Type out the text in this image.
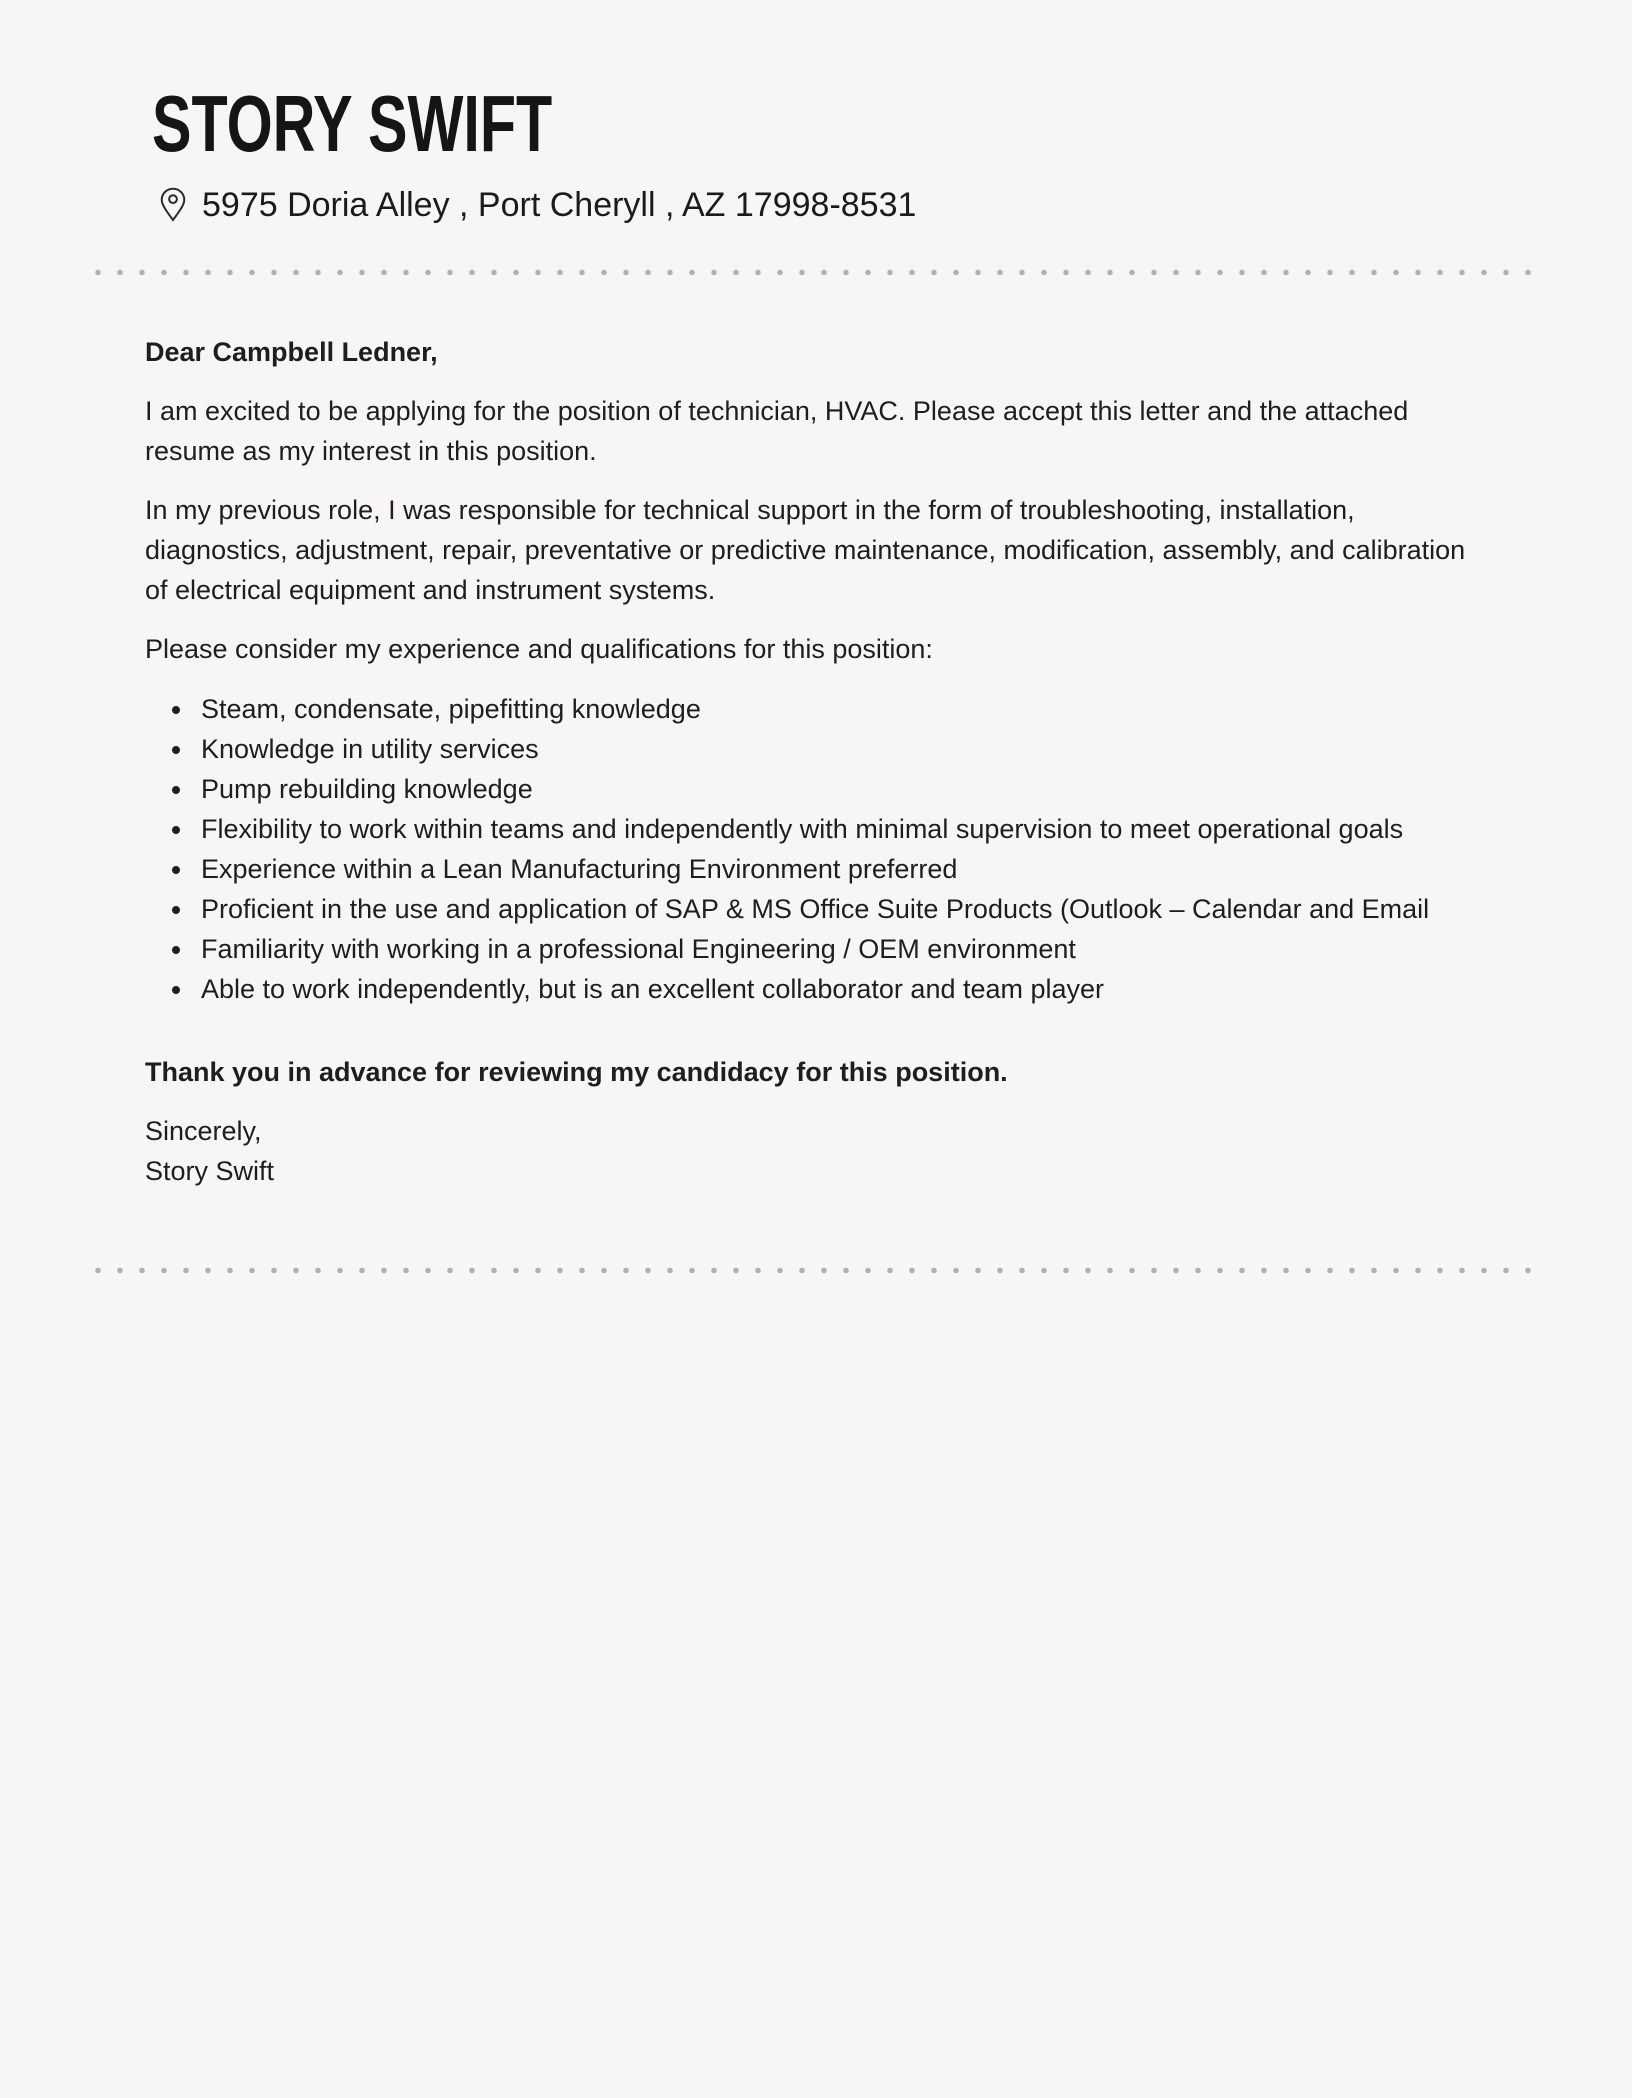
STORY SWIFT
5975 Doria Alley , Port Cheryll , AZ 17998-8531

Dear Campbell Ledner,

I am excited to be applying for the position of technician, HVAC. Please accept this letter and the attached resume as my interest in this position.

In my previous role, I was responsible for technical support in the form of troubleshooting, installation, diagnostics, adjustment, repair, preventative or predictive maintenance, modification, assembly, and calibration of electrical equipment and instrument systems.

Please consider my experience and qualifications for this position:

• Steam, condensate, pipefitting knowledge
• Knowledge in utility services
• Pump rebuilding knowledge
• Flexibility to work within teams and independently with minimal supervision to meet operational goals
• Experience within a Lean Manufacturing Environment preferred
• Proficient in the use and application of SAP & MS Office Suite Products (Outlook – Calendar and Email
• Familiarity with working in a professional Engineering / OEM environment
• Able to work independently, but is an excellent collaborator and team player

Thank you in advance for reviewing my candidacy for this position.

Sincerely,
Story Swift
